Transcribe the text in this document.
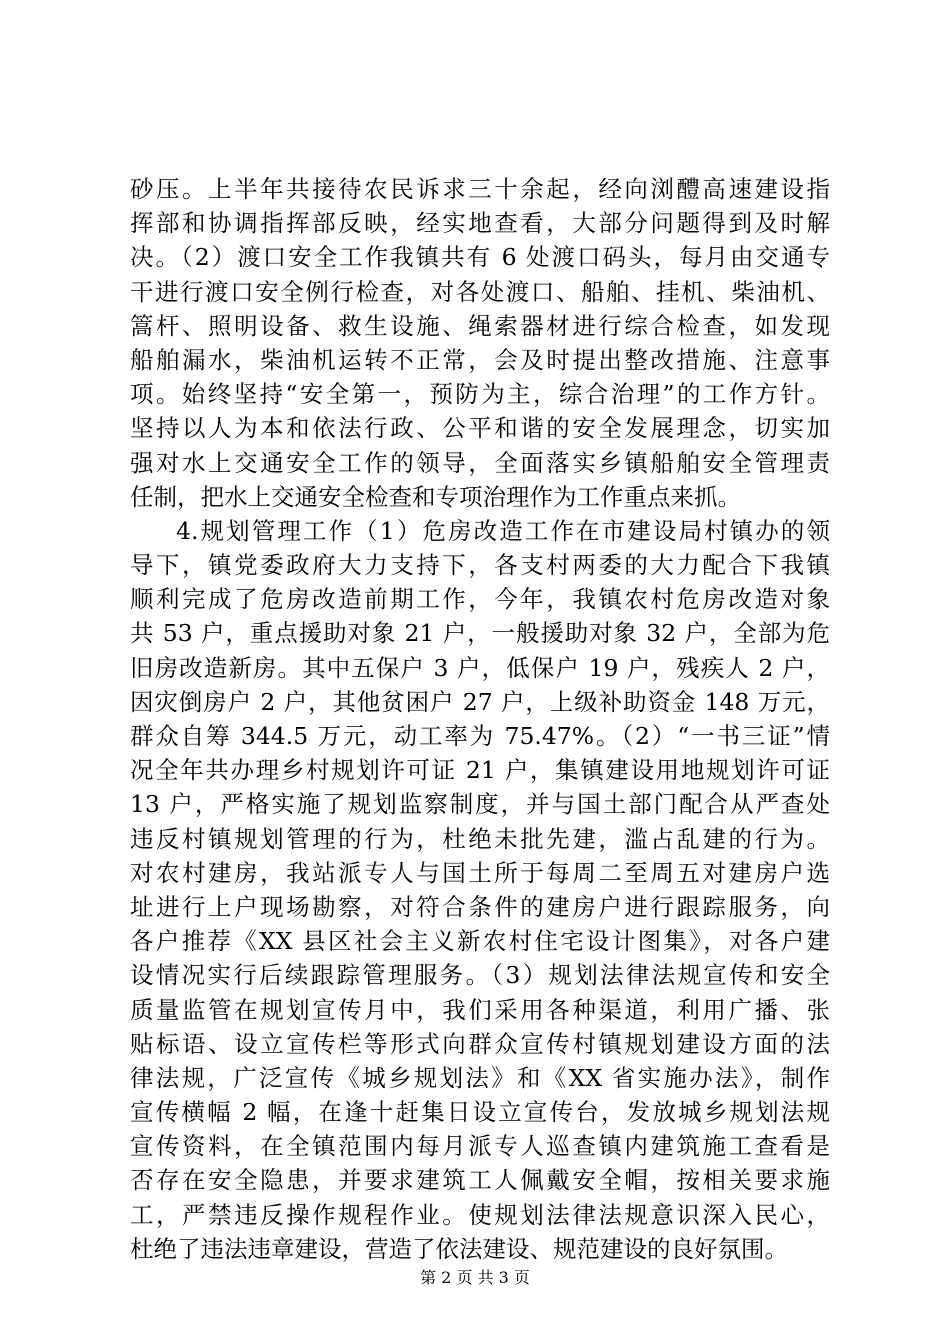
砂压。上半年共接待农民诉求三十余起，经向浏醴高速建设指
挥部和协调指挥部反映，经实地查看，大部分问题得到及时解
决。（2）渡口安全工作我镇共有 6 处渡口码头，每月由交通专
干进行渡口安全例行检查，对各处渡口、船舶、挂机、柴油机、
篙杆、照明设备、救生设施、绳索器材进行综合检查，如发现
船舶漏水，柴油机运转不正常，会及时提出整改措施、注意事
项。始终坚持“安全第一，预防为主，综合治理”的工作方针。
坚持以人为本和依法行政、公平和谐的安全发展理念，切实加
强对水上交通安全工作的领导，全面落实乡镇船舶安全管理责
任制，把水上交通安全检查和专项治理作为工作重点来抓。
4.规划管理工作（1）危房改造工作在市建设局村镇办的领
导下，镇党委政府大力支持下，各支村两委的大力配合下我镇
顺利完成了危房改造前期工作，今年，我镇农村危房改造对象
共 53 户，重点援助对象 21 户，一般援助对象 32 户，全部为危
旧房改造新房。其中五保户 3 户，低保户 19 户，残疾人 2 户，
因灾倒房户 2 户，其他贫困户 27 户，上级补助资金 148 万元，
群众自筹 344.5 万元，动工率为 75.47%。（2）“一书三证”情
况全年共办理乡村规划许可证 21 户，集镇建设用地规划许可证
13 户，严格实施了规划监察制度，并与国土部门配合从严查处
违反村镇规划管理的行为，杜绝未批先建，滥占乱建的行为。
对农村建房，我站派专人与国土所于每周二至周五对建房户选
址进行上户现场勘察，对符合条件的建房户进行跟踪服务，向
各户推荐《XX 县区社会主义新农村住宅设计图集》，对各户建
设情况实行后续跟踪管理服务。（3）规划法律法规宣传和安全
质量监管在规划宣传月中，我们采用各种渠道，利用广播、张
贴标语、设立宣传栏等形式向群众宣传村镇规划建设方面的法
律法规，广泛宣传《城乡规划法》和《XX 省实施办法》，制作
宣传横幅 2 幅，在逢十赶集日设立宣传台，发放城乡规划法规
宣传资料，在全镇范围内每月派专人巡查镇内建筑施工查看是
否存在安全隐患，并要求建筑工人佩戴安全帽，按相关要求施
工，严禁违反操作规程作业。使规划法律法规意识深入民心，
杜绝了违法违章建设，营造了依法建设、规范建设的良好氛围。
第 2 页 共 3 页
